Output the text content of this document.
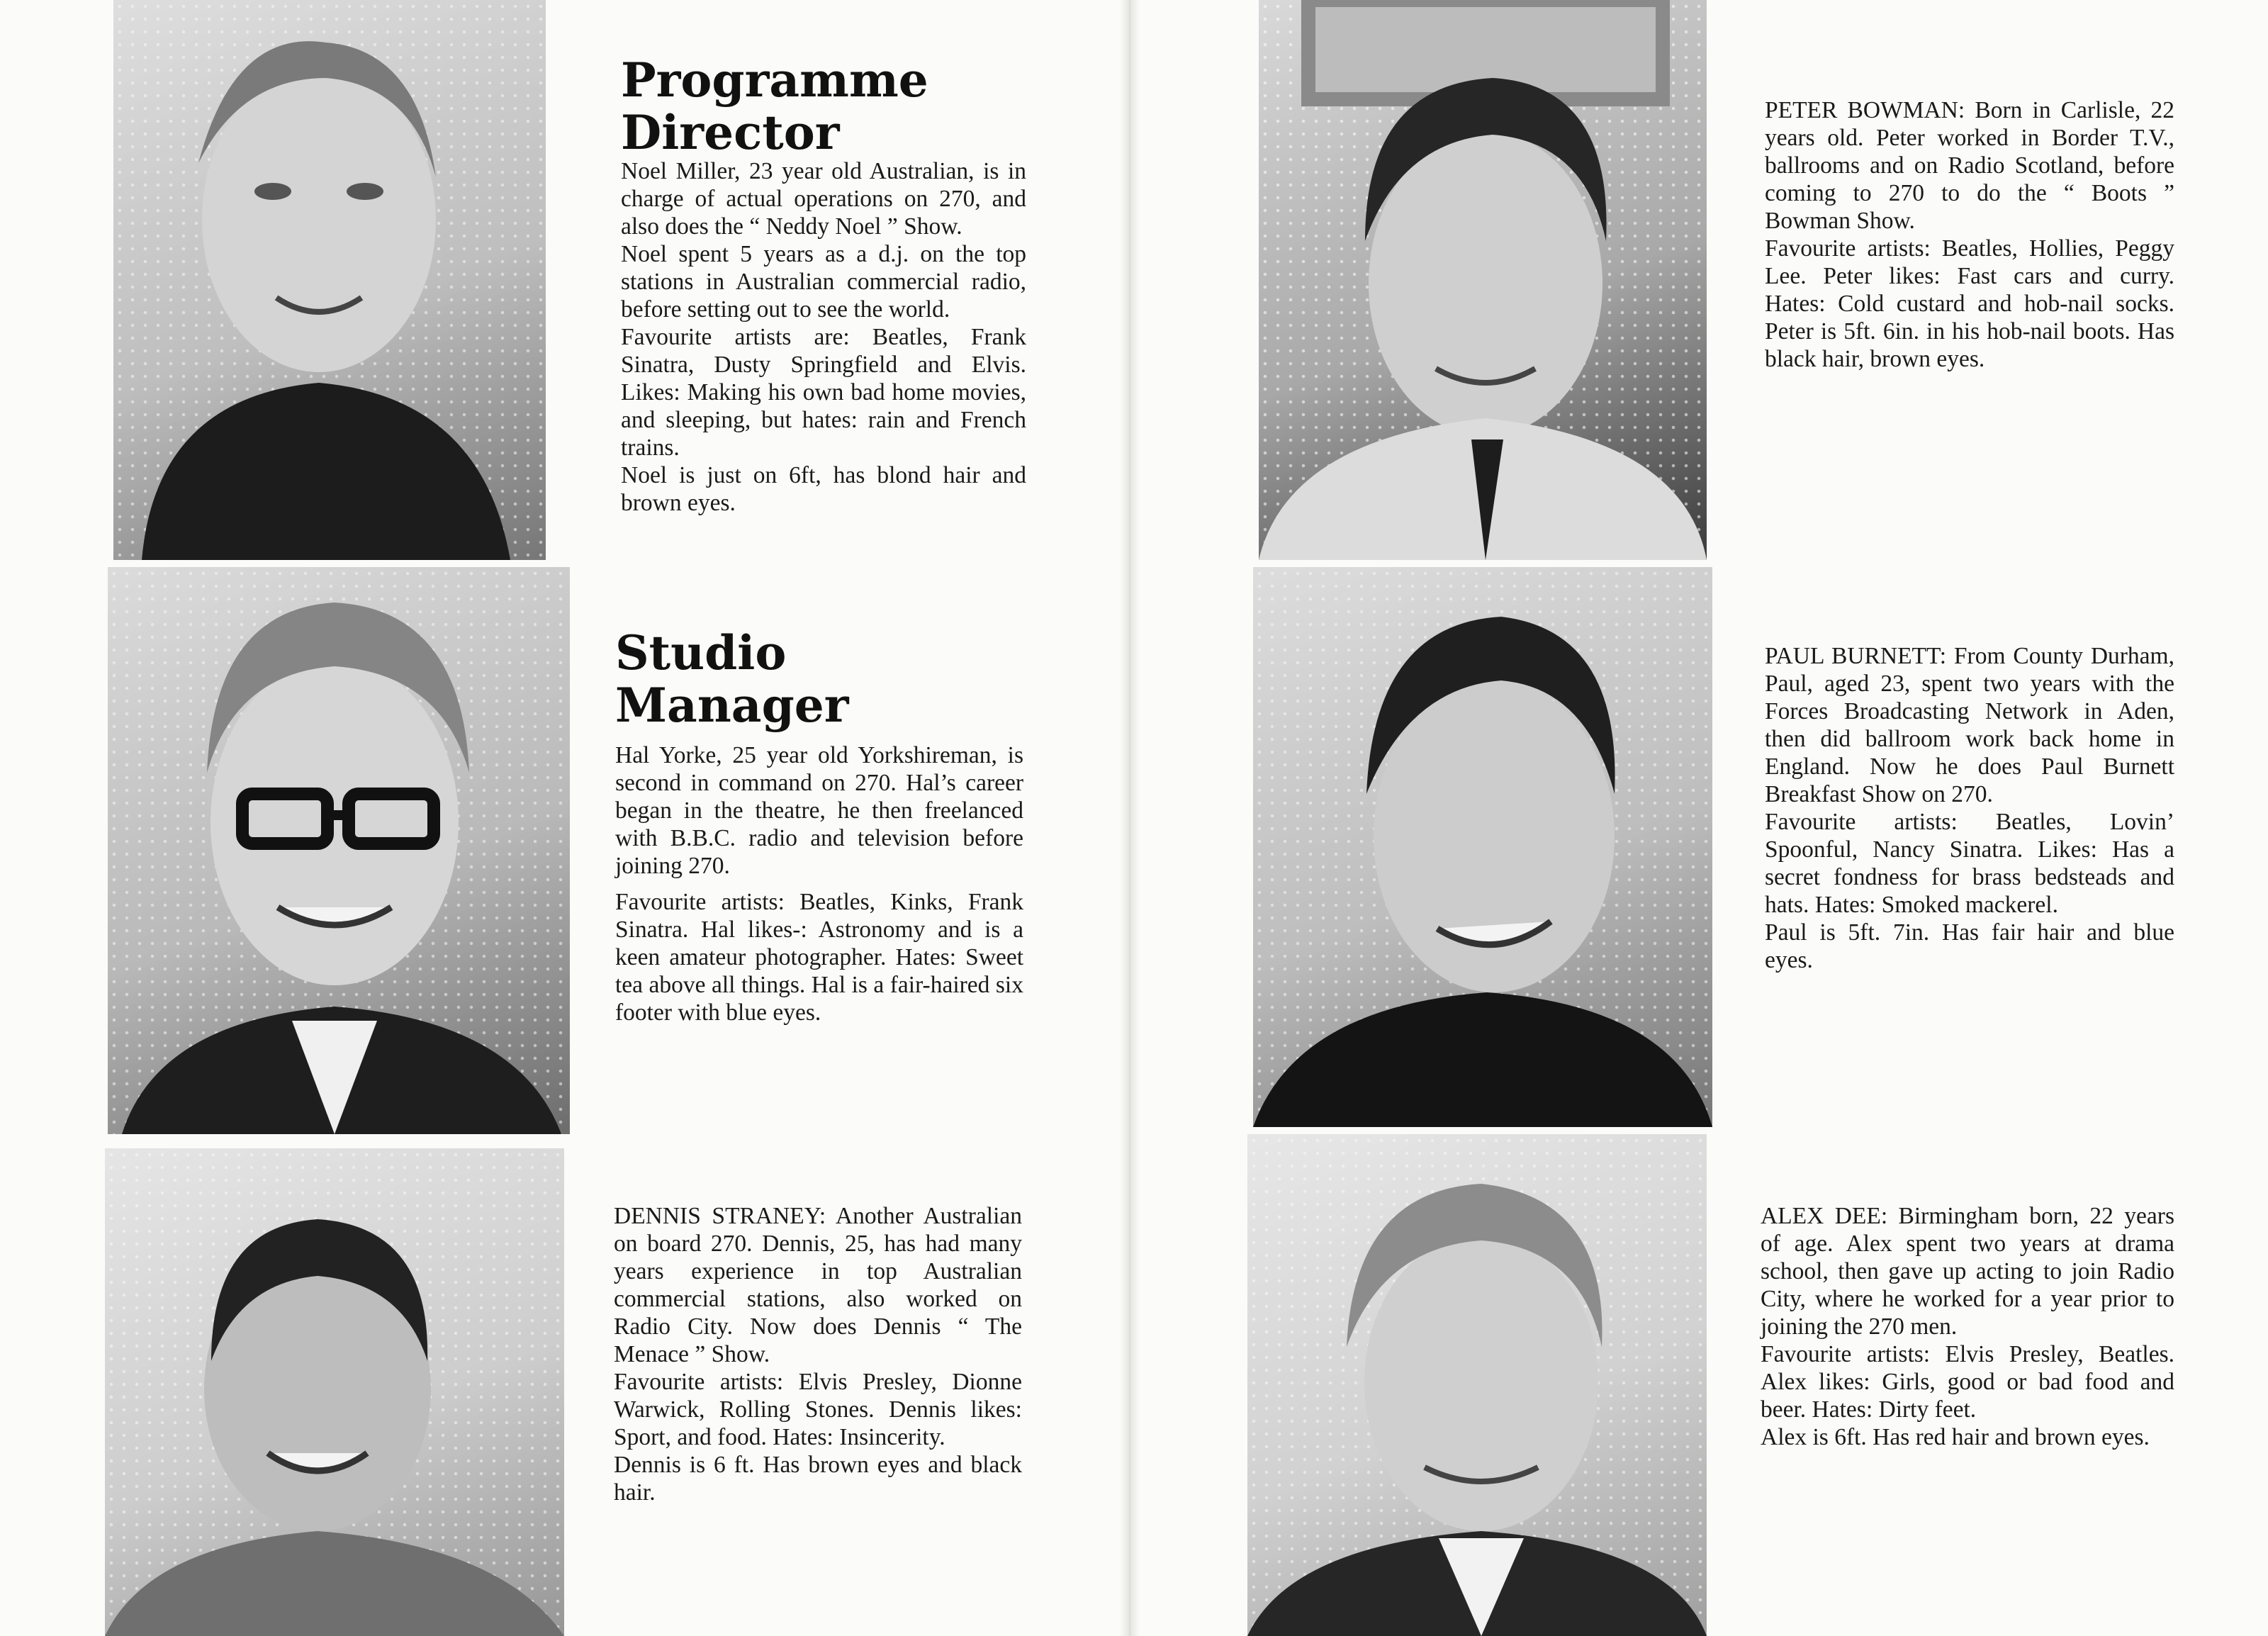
Programme
Director

Noel Miller, 23 year old Australian, is in charge of actual operations on 270, and also does the “ Neddy Noel ” Show.

Noel spent 5 years as a d.j. on the top stations in Australian commercial radio, before setting out to see the world.

Favourite artists are: Beatles, Frank Sinatra, Dusty Springfield and Elvis. Likes: Making his own bad home movies, and sleeping, but hates: rain and French trains.

Noel is just on 6ft, has blond hair and brown eyes.

Studio
Manager

Hal Yorke, 25 year old Yorkshireman, is second in command on 270. Hal’s career began in the theatre, he then freelanced with B.B.C. radio and television before joining 270.

Favourite artists: Beatles, Kinks, Frank Sinatra. Hal likes-: Astronomy and is a keen amateur photographer. Hates: Sweet tea above all things. Hal is a fair-haired six footer with blue eyes.

DENNIS STRANEY: Another Australian on board 270. Dennis, 25, has had many years experience in top Australian commercial stations, also worked on Radio City. Now does Dennis “ The Menace ” Show.

Favourite artists: Elvis Presley, Dionne Warwick, Rolling Stones. Dennis likes: Sport, and food. Hates: Insincerity.

Dennis is 6 ft. Has brown eyes and black hair.

PETER BOWMAN: Born in Carlisle, 22 years old. Peter worked in Border T.V., ballrooms and on Radio Scotland, before coming to 270 to do the “ Boots ” Bowman Show.

Favourite artists: Beatles, Hollies, Peggy Lee. Peter likes: Fast cars and curry. Hates: Cold custard and hob-nail socks. Peter is 5ft. 6in. in his hob-nail boots. Has black hair, brown eyes.

PAUL BURNETT: From County Durham, Paul, aged 23, spent two years with the Forces Broadcasting Network in Aden, then did ballroom work back home in England. Now he does Paul Burnett Breakfast Show on 270.

Favourite artists: Beatles, Lovin’ Spoonful, Nancy Sinatra. Likes: Has a secret fondness for brass bedsteads and hats. Hates: Smoked mackerel.

Paul is 5ft. 7in. Has fair hair and blue eyes.

ALEX DEE: Birmingham born, 22 years of age. Alex spent two years at drama school, then gave up acting to join Radio City, where he worked for a year prior to joining the 270 men.

Favourite artists: Elvis Presley, Beatles. Alex likes: Girls, good or bad food and beer. Hates: Dirty feet.

Alex is 6ft. Has red hair and brown eyes.
